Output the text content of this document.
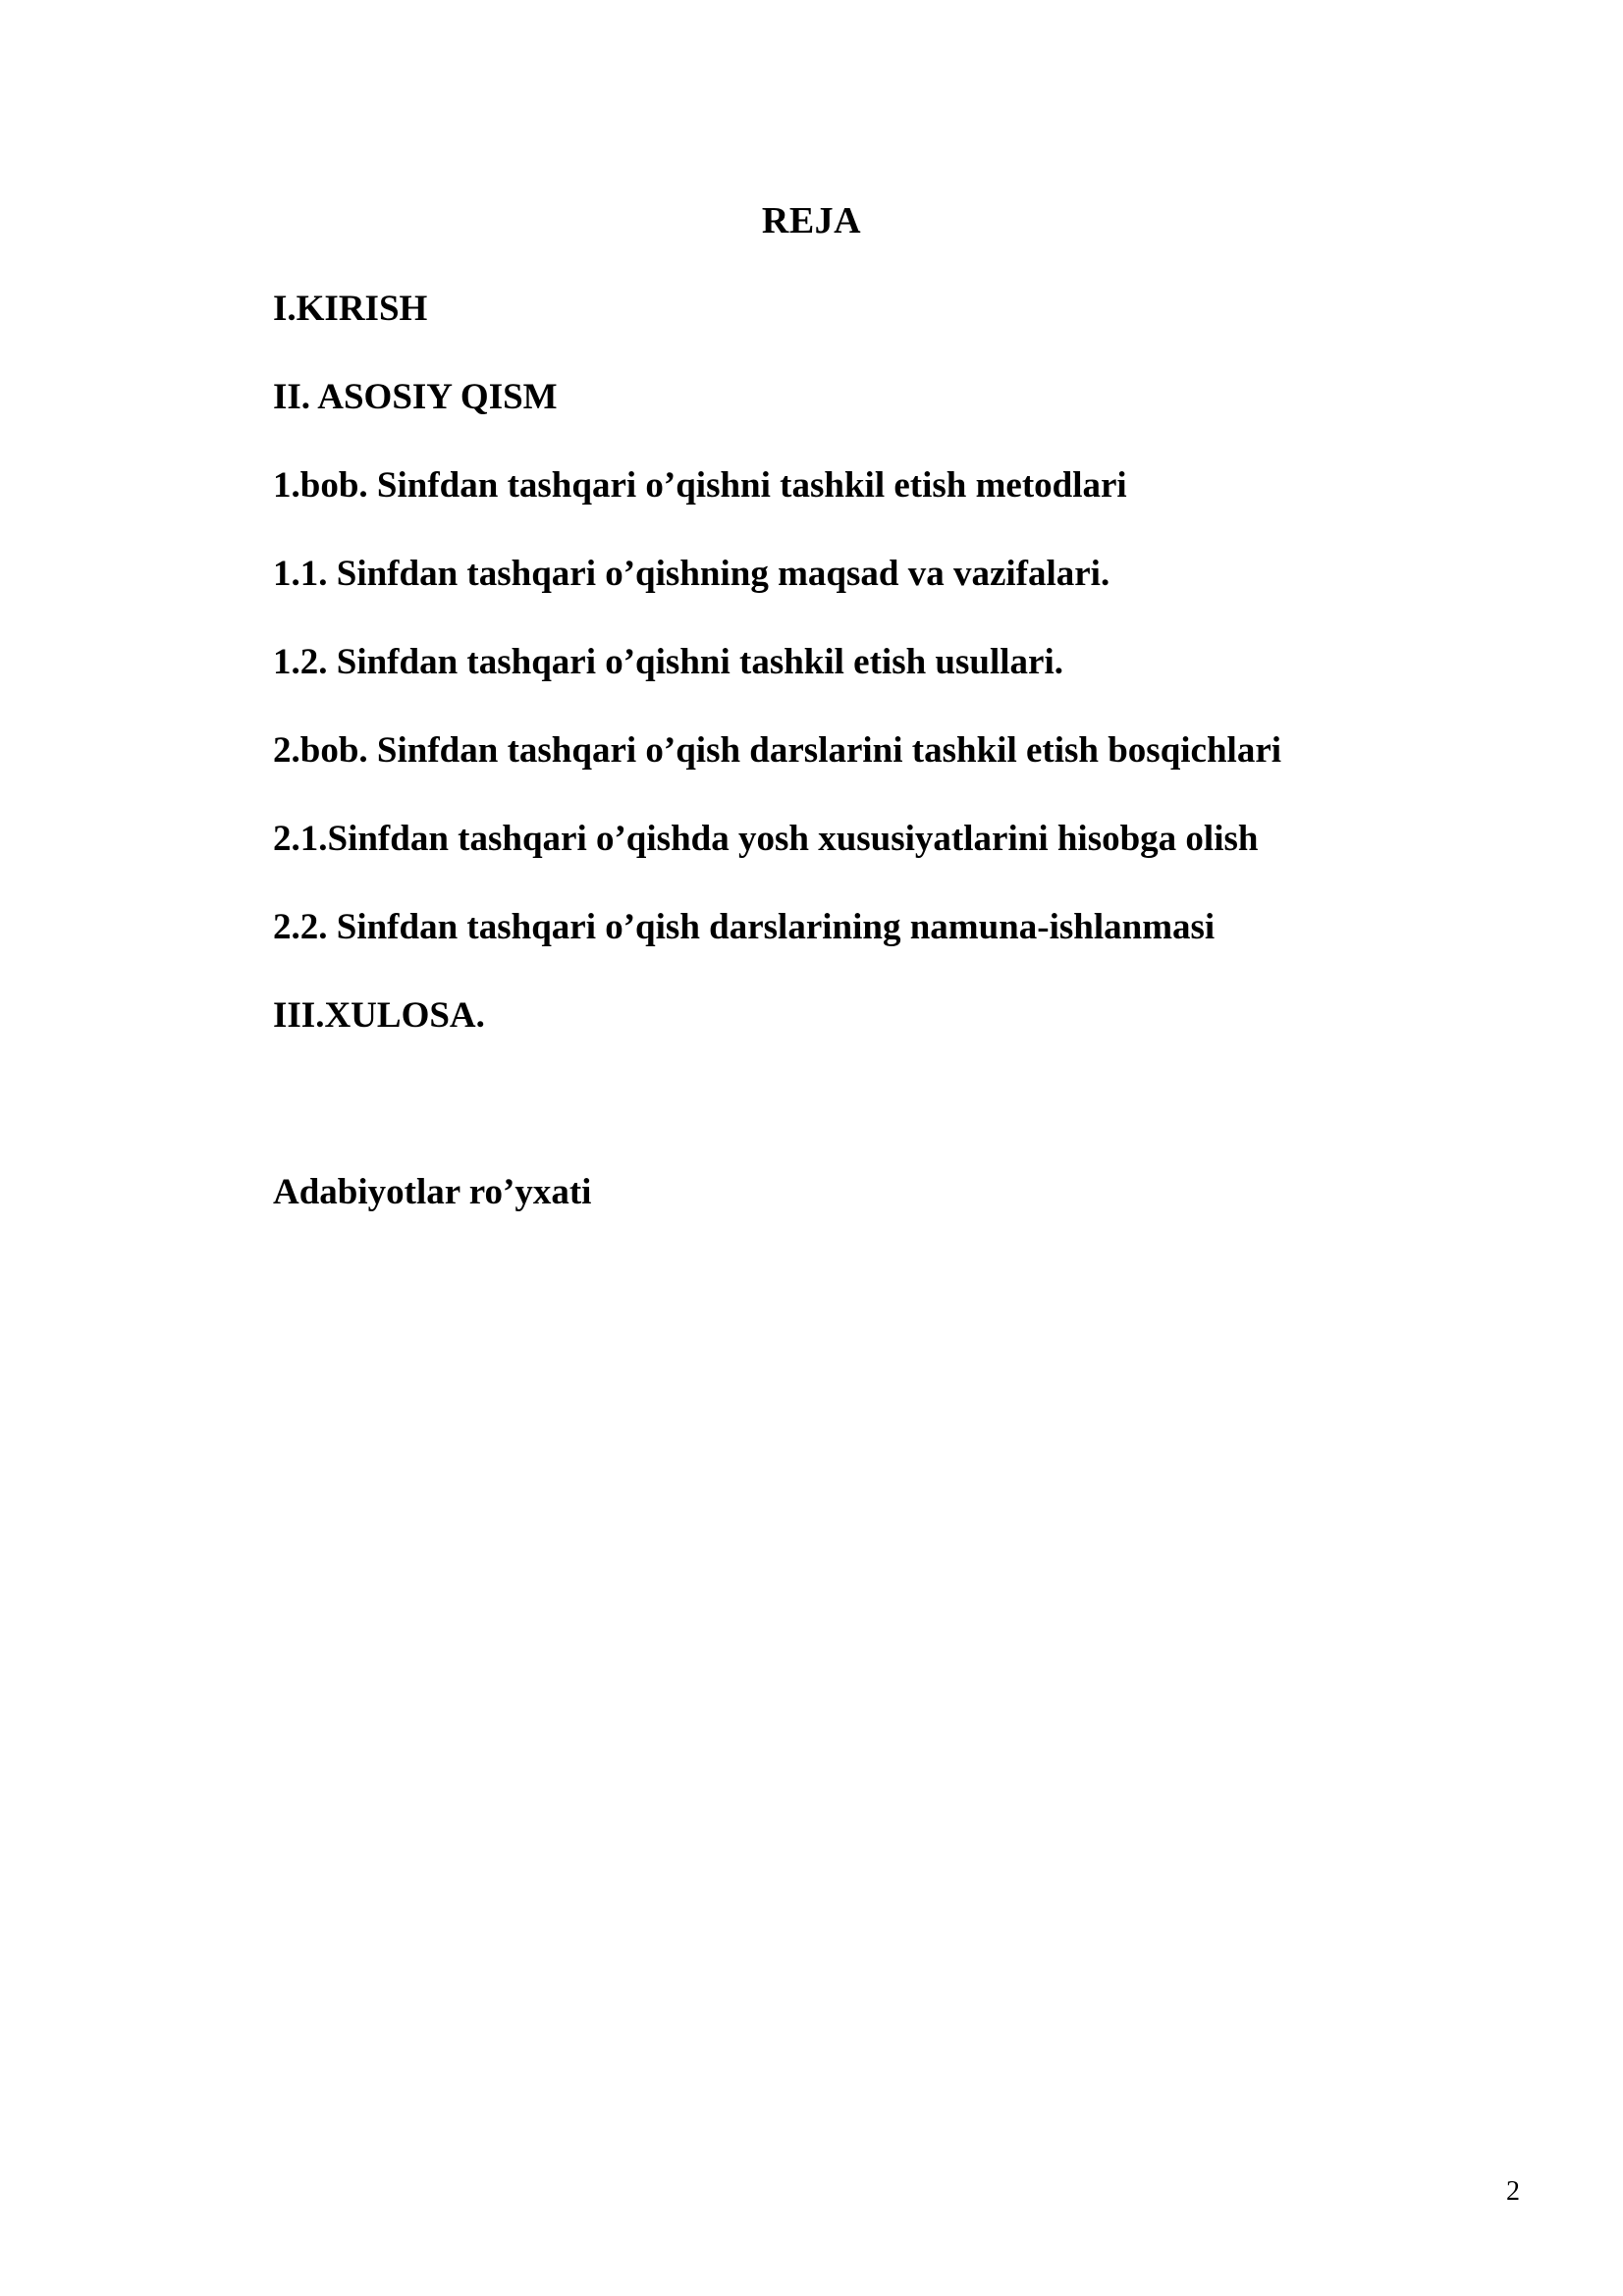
REJA
I.KIRISH
II. ASOSIY QISM
1.bob. Sinfdan tashqari o’qishni tashkil etish metodlari
1.1. Sinfdan tashqari o’qishning maqsad va vazifalari.
1.2. Sinfdan tashqari o’qishni tashkil etish usullari.
2.bob. Sinfdan tashqari o’qish darslarini tashkil etish bosqichlari
2.1.Sinfdan tashqari o’qishda yosh xususiyatlarini hisobga olish
2.2. Sinfdan tashqari o’qish darslarining namuna-ishlanmasi
III.XULOSA.
Adabiyotlar ro’yxati
2
